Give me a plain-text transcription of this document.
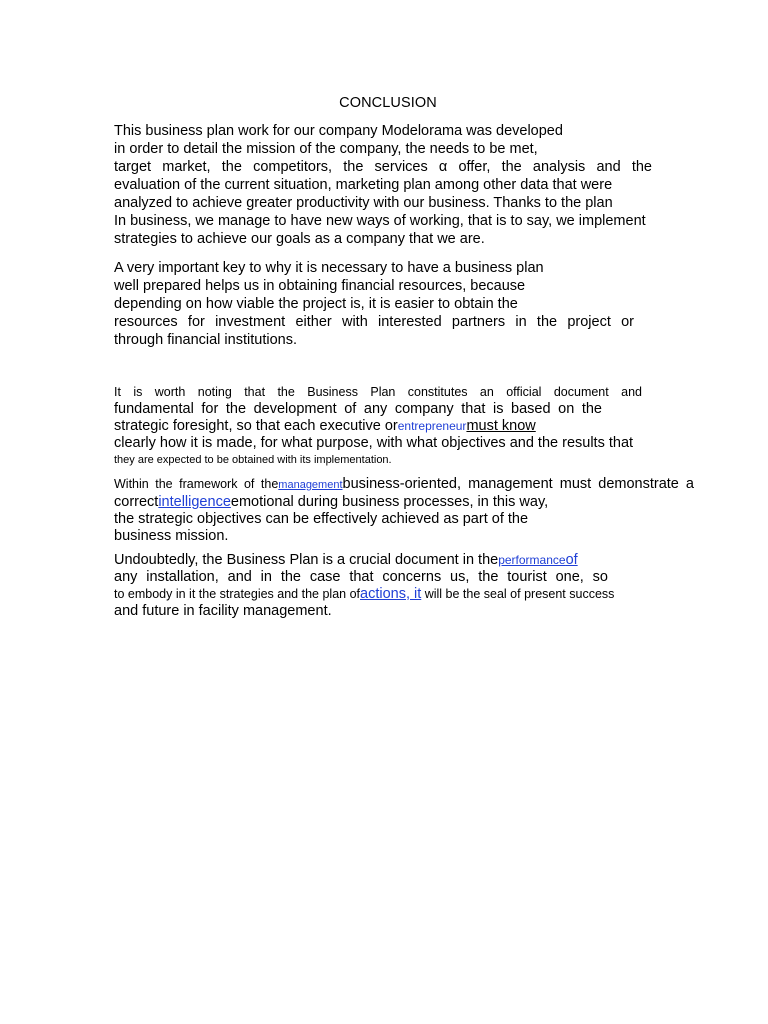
CONCLUSION
This business plan work for our company Modelorama was developed
in order to detail the mission of the company, the needs to be met,
target market, the competitors, the services α offer, the analysis and the
evaluation of the current situation, marketing plan among other data that were
analyzed to achieve greater productivity with our business. Thanks to the plan
In business, we manage to have new ways of working, that is to say, we implement
strategies to achieve our goals as a company that we are.
A very important key to why it is necessary to have a business plan
well prepared helps us in obtaining financial resources, because
depending on how viable the project is, it is easier to obtain the
resources for investment either with interested partners in the project or
through financial institutions.
It is worth noting that the Business Plan constitutes an official document and
fundamental for the development of any company that is based on the
strategic foresight, so that each executive orentrepreneurmust know
clearly how it is made, for what purpose, with what objectives and the results that
they are expected to be obtained with its implementation.
Within the framework of themanagementbusiness-oriented, management must demonstrate a
correctintelligenceemotional during business processes, in this way,
the strategic objectives can be effectively achieved as part of the
business mission.
Undoubtedly, the Business Plan is a crucial document in theperformanceof
any installation, and in the case that concerns us, the tourist one, so
to embody in it the strategies and the plan ofactions, it will be the seal of present success
and future in facility management.
